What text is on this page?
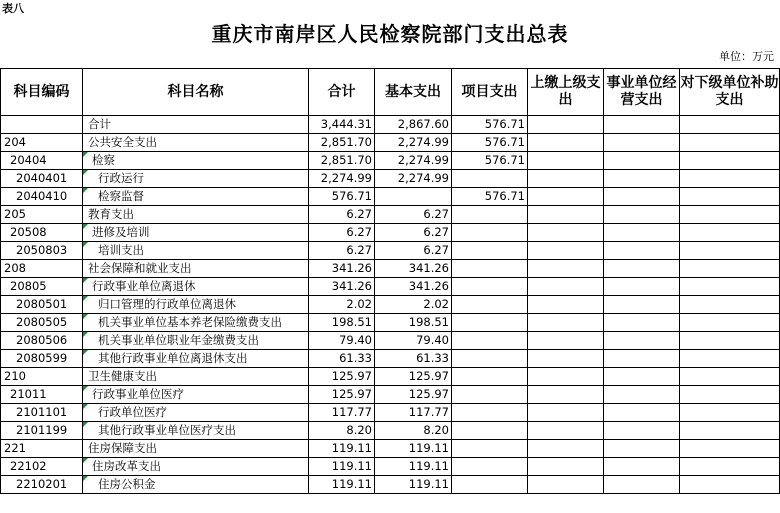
表八
重庆市南岸区人民检察院部门支出总表
单位：万元
科目编码	科目名称	合计	基本支出	项目支出	上缴上级支出	事业单位经营支出	对下级单位补助支出
	合计	3,444.31	2,867.60	576.71			
204	公共安全支出	2,851.70	2,274.99	576.71			
20404	检察	2,851.70	2,274.99	576.71			
2040401	行政运行	2,274.99	2,274.99				
2040410	检察监督	576.71		576.71			
205	教育支出	6.27	6.27				
20508	进修及培训	6.27	6.27				
2050803	培训支出	6.27	6.27				
208	社会保障和就业支出	341.26	341.26				
20805	行政事业单位离退休	341.26	341.26				
2080501	归口管理的行政单位离退休	2.02	2.02				
2080505	机关事业单位基本养老保险缴费支出	198.51	198.51				
2080506	机关事业单位职业年金缴费支出	79.40	79.40				
2080599	其他行政事业单位离退休支出	61.33	61.33				
210	卫生健康支出	125.97	125.97				
21011	行政事业单位医疗	125.97	125.97				
2101101	行政单位医疗	117.77	117.77				
2101199	其他行政事业单位医疗支出	8.20	8.20				
221	住房保障支出	119.11	119.11				
22102	住房改革支出	119.11	119.11				
2210201	住房公积金	119.11	119.11				
